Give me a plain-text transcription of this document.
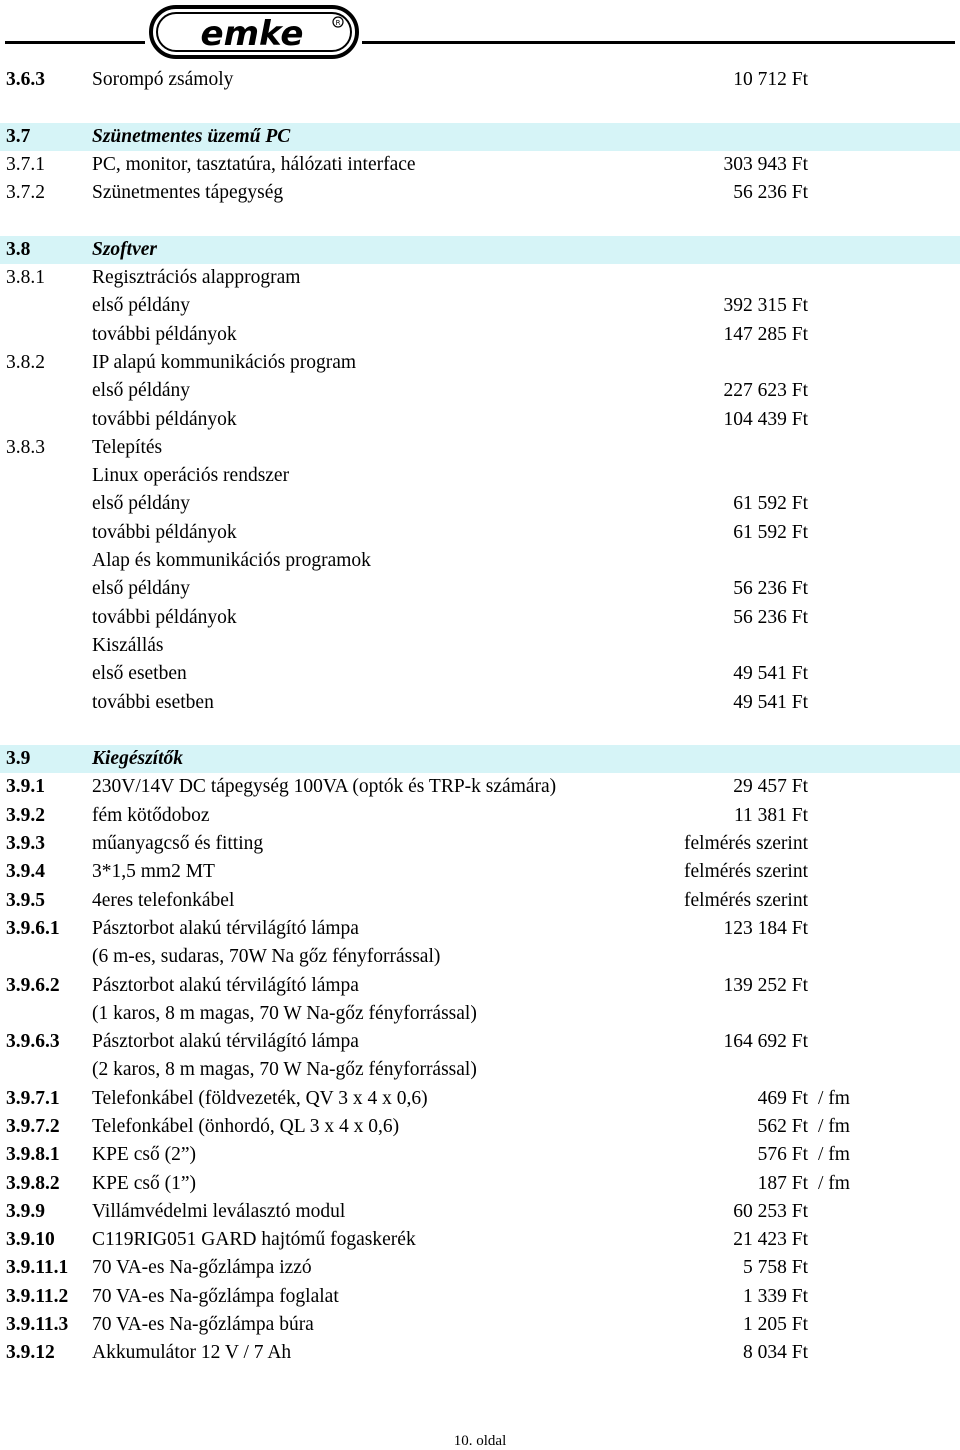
emke	R
3.6.3 Sorompó zsámoly	10 712 Ft
3.7	Szünetmentes üzemű PC
3.7.1 PC, monitor, tasztatúra, hálózati interface	303 943 Ft
3.7.2 Szünetmentes tápegység	56 236 Ft
3.8	Szoftver
3.8.1 Regisztrációs alapprogram
első példány	392 315 Ft
további példányok	147 285 Ft
3.8.2 IP alapú kommunikációs program
első példány	227 623 Ft
további példányok	104 439 Ft
3.8.3 Telepítés
Linux operációs rendszer
első példány	61 592 Ft
további példányok	61 592 Ft
Alap és kommunikációs programok
első példány	56 236 Ft
további példányok	56 236 Ft
Kiszállás
első esetben	49 541 Ft
további esetben	49 541 Ft
3.9	Kiegészítők
3.9.1 230V/14V DC tápegység 100VA (optók és TRP-k számára)	29 457 Ft
3.9.2 fém kötődoboz	11 381 Ft
3.9.3 műanyagcső és fitting	felmérés szerint
3.9.4 3*1,5 mm2 MT	felmérés szerint
3.9.5 4eres telefonkábel	felmérés szerint
3.9.6.1 Pásztorbot alakú térvilágító lámpa	123 184 Ft
(6 m-es, sudaras, 70W Na gőz fényforrással)
3.9.6.2 Pásztorbot alakú térvilágító lámpa	139 252 Ft
(1 karos, 8 m magas, 70 W Na-gőz fényforrással)
3.9.6.3 Pásztorbot alakú térvilágító lámpa	164 692 Ft
(2 karos, 8 m magas, 70 W Na-gőz fényforrással)
3.9.7.1 Telefonkábel (földvezeték, QV 3 x 4 x 0,6)	469 Ft / fm
3.9.7.2 Telefonkábel (önhordó, QL 3 x 4 x 0,6)	562 Ft / fm
3.9.8.1 KPE cső (2”)	576 Ft / fm
3.9.8.2 KPE cső (1”)	187 Ft / fm
3.9.9 Villámvédelmi leválasztó modul	60 253 Ft
3.9.10 C119RIG051 GARD hajtómű fogaskerék	21 423 Ft
3.9.11.1 70 VA-es Na-gőzlámpa izzó	5 758 Ft
3.9.11.2 70 VA-es Na-gőzlámpa foglalat	1 339 Ft
3.9.11.3 70 VA-es Na-gőzlámpa búra	1 205 Ft
3.9.12 Akkumulátor 12 V / 7 Ah	8 034 Ft
10. oldal
